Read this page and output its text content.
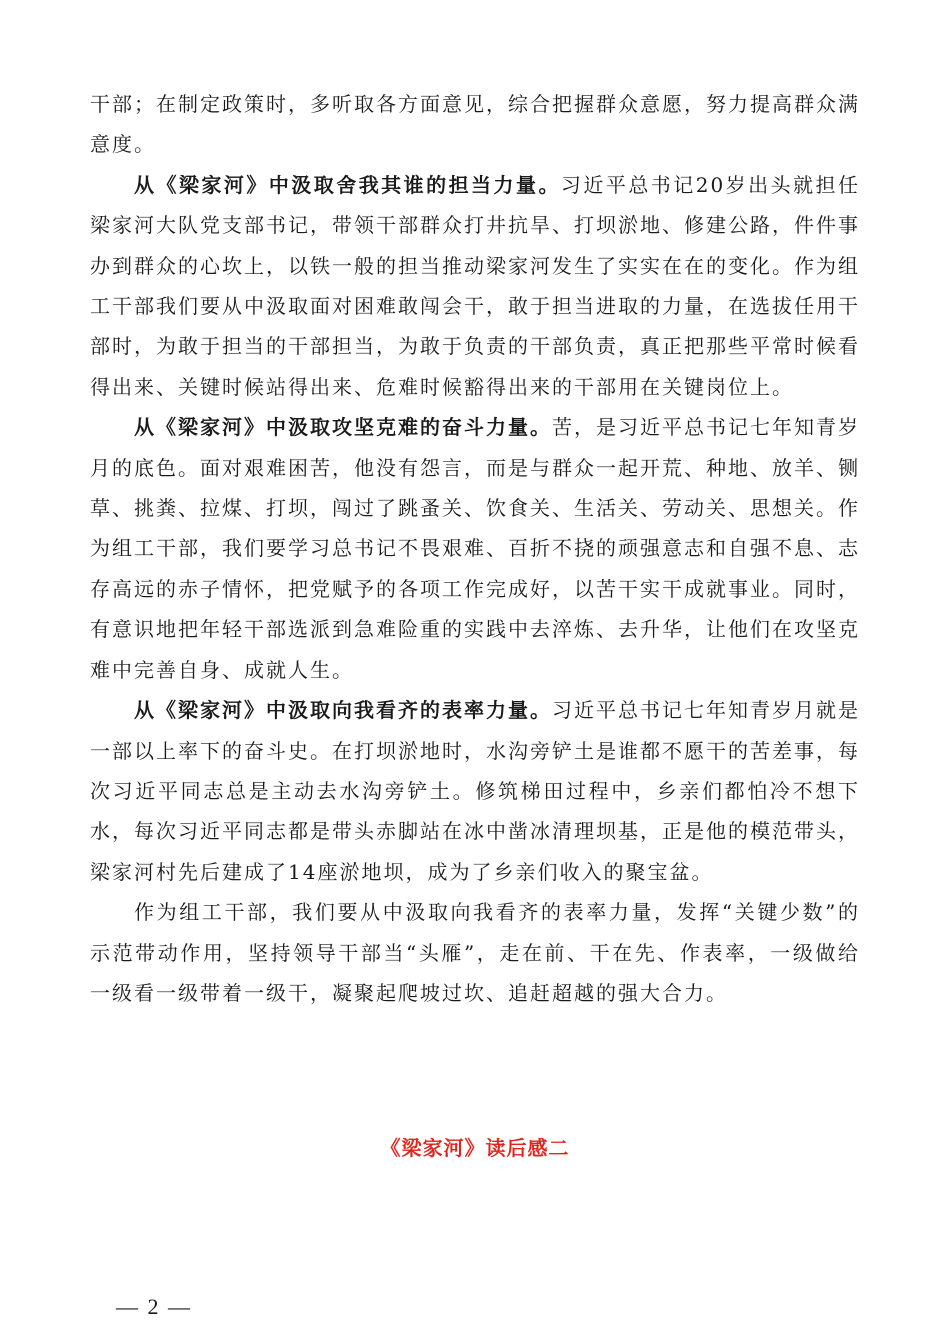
干部；在制定政策时，多听取各方面意见，综合把握群众意愿，努力提高群众满意度。

从《梁家河》中汲取舍我其谁的担当力量。习近平总书记20岁出头就担任梁家河大队党支部书记，带领干部群众打井抗旱、打坝淤地、修建公路，件件事办到群众的心坎上，以铁一般的担当推动梁家河发生了实实在在的变化。作为组工干部我们要从中汲取面对困难敢闯会干，敢于担当进取的力量，在选拔任用干部时，为敢于担当的干部担当，为敢于负责的干部负责，真正把那些平常时候看得出来、关键时候站得出来、危难时候豁得出来的干部用在关键岗位上。

从《梁家河》中汲取攻坚克难的奋斗力量。苦，是习近平总书记七年知青岁月的底色。面对艰难困苦，他没有怨言，而是与群众一起开荒、种地、放羊、铡草、挑粪、拉煤、打坝，闯过了跳蚤关、饮食关、生活关、劳动关、思想关。作为组工干部，我们要学习总书记不畏艰难、百折不挠的顽强意志和自强不息、志存高远的赤子情怀，把党赋予的各项工作完成好，以苦干实干成就事业。同时，有意识地把年轻干部选派到急难险重的实践中去淬炼、去升华，让他们在攻坚克难中完善自身、成就人生。

从《梁家河》中汲取向我看齐的表率力量。习近平总书记七年知青岁月就是一部以上率下的奋斗史。在打坝淤地时，水沟旁铲土是谁都不愿干的苦差事，每次习近平同志总是主动去水沟旁铲土。修筑梯田过程中，乡亲们都怕冷不想下水，每次习近平同志都是带头赤脚站在冰中凿冰清理坝基，正是他的模范带头，梁家河村先后建成了14座淤地坝，成为了乡亲们收入的聚宝盆。

作为组工干部，我们要从中汲取向我看齐的表率力量，发挥“关键少数”的示范带动作用，坚持领导干部当“头雁”，走在前、干在先、作表率，一级做给一级看一级带着一级干，凝聚起爬坡过坎、追赶超越的强大合力。

《梁家河》读后感二
— 2 —
